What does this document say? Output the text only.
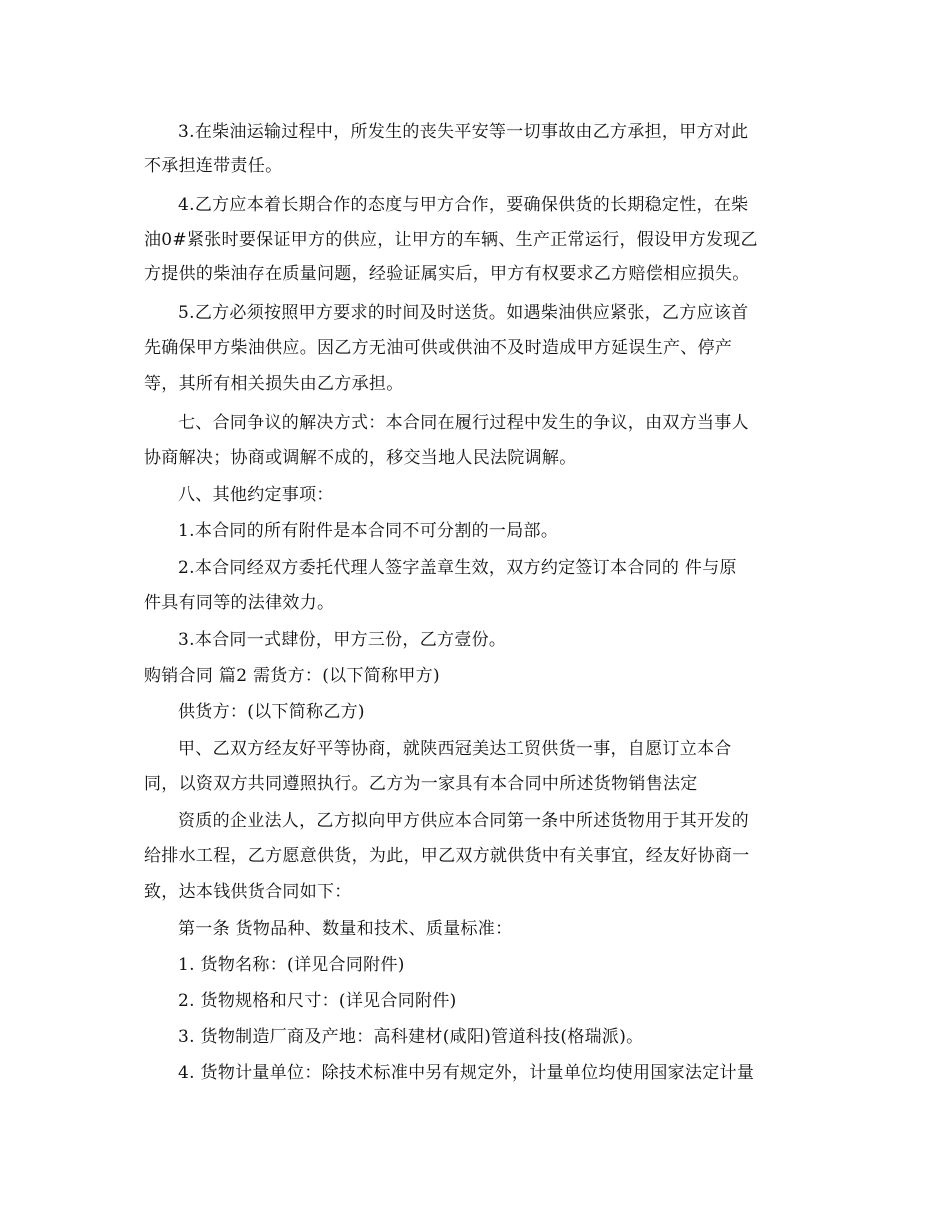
3.在柴油运输过程中，所发生的丧失平安等一切事故由乙方承担，甲方对此
不承担连带责任。
4.乙方应本着长期合作的态度与甲方合作，要确保供货的长期稳定性，在柴
油0#紧张时要保证甲方的供应，让甲方的车辆、生产正常运行，假设甲方发现乙
方提供的柴油存在质量问题，经验证属实后，甲方有权要求乙方赔偿相应损失。
5.乙方必须按照甲方要求的时间及时送货。如遇柴油供应紧张，乙方应该首
先确保甲方柴油供应。因乙方无油可供或供油不及时造成甲方延误生产、停产
等，其所有相关损失由乙方承担。
七、合同争议的解决方式：本合同在履行过程中发生的争议，由双方当事人
协商解决；协商或调解不成的，移交当地人民法院调解。
八、其他约定事项：
1.本合同的所有附件是本合同不可分割的一局部。
2.本合同经双方委托代理人签字盖章生效，双方约定签订本合同的 件与原
件具有同等的法律效力。
3.本合同一式肆份，甲方三份，乙方壹份。
购销合同 篇2 需货方：(以下简称甲方)
供货方：(以下简称乙方)
甲、乙双方经友好平等协商，就陕西冠美达工贸供货一事，自愿订立本合
同，以资双方共同遵照执行。乙方为一家具有本合同中所述货物销售法定
资质的企业法人，乙方拟向甲方供应本合同第一条中所述货物用于其开发的
给排水工程，乙方愿意供货，为此，甲乙双方就供货中有关事宜，经友好协商一
致，达本钱供货合同如下：
第一条 货物品种、数量和技术、质量标准：
1. 货物名称：(详见合同附件)
2. 货物规格和尺寸：(详见合同附件)
3. 货物制造厂商及产地：高科建材(咸阳)管道科技(格瑞派)。
4. 货物计量单位：除技术标准中另有规定外，计量单位均使用国家法定计量
